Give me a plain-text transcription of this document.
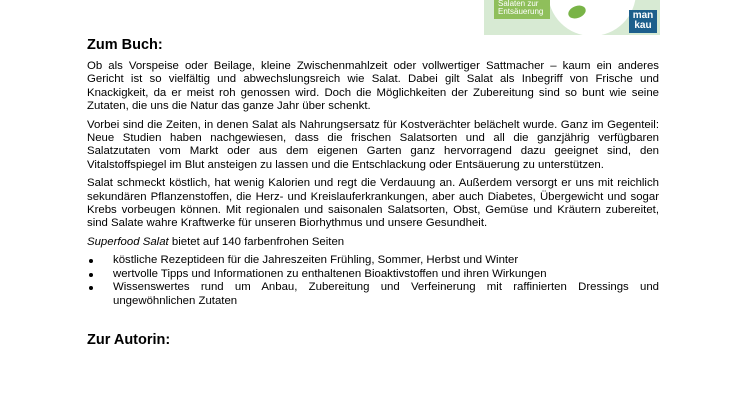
Salaten zur
Entsäuerung	man
kau
Zum Buch:

Ob als Vorspeise oder Beilage, kleine Zwischenmahlzeit oder vollwertiger Sattmacher – kaum ein anderes Gericht ist so vielfältig und abwechslungsreich wie Salat. Dabei gilt Salat als Inbegriff von Frische und Knackigkeit, da er meist roh genossen wird. Doch die Möglichkeiten der Zubereitung sind so bunt wie seine Zutaten, die uns die Natur das ganze Jahr über schenkt.

Vorbei sind die Zeiten, in denen Salat als Nahrungsersatz für Kostverächter belächelt wurde. Ganz im Gegenteil: Neue Studien haben nachgewiesen, dass die frischen Salatsorten und all die ganzjährig verfügbaren Salatzutaten vom Markt oder aus dem eigenen Garten ganz hervorragend dazu geeignet sind, den Vitalstoffspiegel im Blut ansteigen zu lassen und die Entschlackung oder Entsäuerung zu unterstützen.

Salat schmeckt köstlich, hat wenig Kalorien und regt die Verdauung an. Außerdem versorgt er uns mit reichlich sekundären Pflanzenstoffen, die Herz- und Kreislauferkrankungen, aber auch Diabetes, Übergewicht und sogar Krebs vorbeugen können. Mit regionalen und saisonalen Salatsorten, Obst, Gemüse und Kräutern zubereitet, sind Salate wahre Kraftwerke für unseren Biorhythmus und unsere Gesundheit.

Superfood Salat bietet auf 140 farbenfrohen Seiten

köstliche Rezeptideen für die Jahreszeiten Frühling, Sommer, Herbst und Winter
wertvolle Tipps und Informationen zu enthaltenen Bioaktivstoffen und ihren Wirkungen
Wissenswertes rund um Anbau, Zubereitung und Verfeinerung mit raffinierten Dressings und ungewöhnlichen Zutaten
Zur Autorin:
